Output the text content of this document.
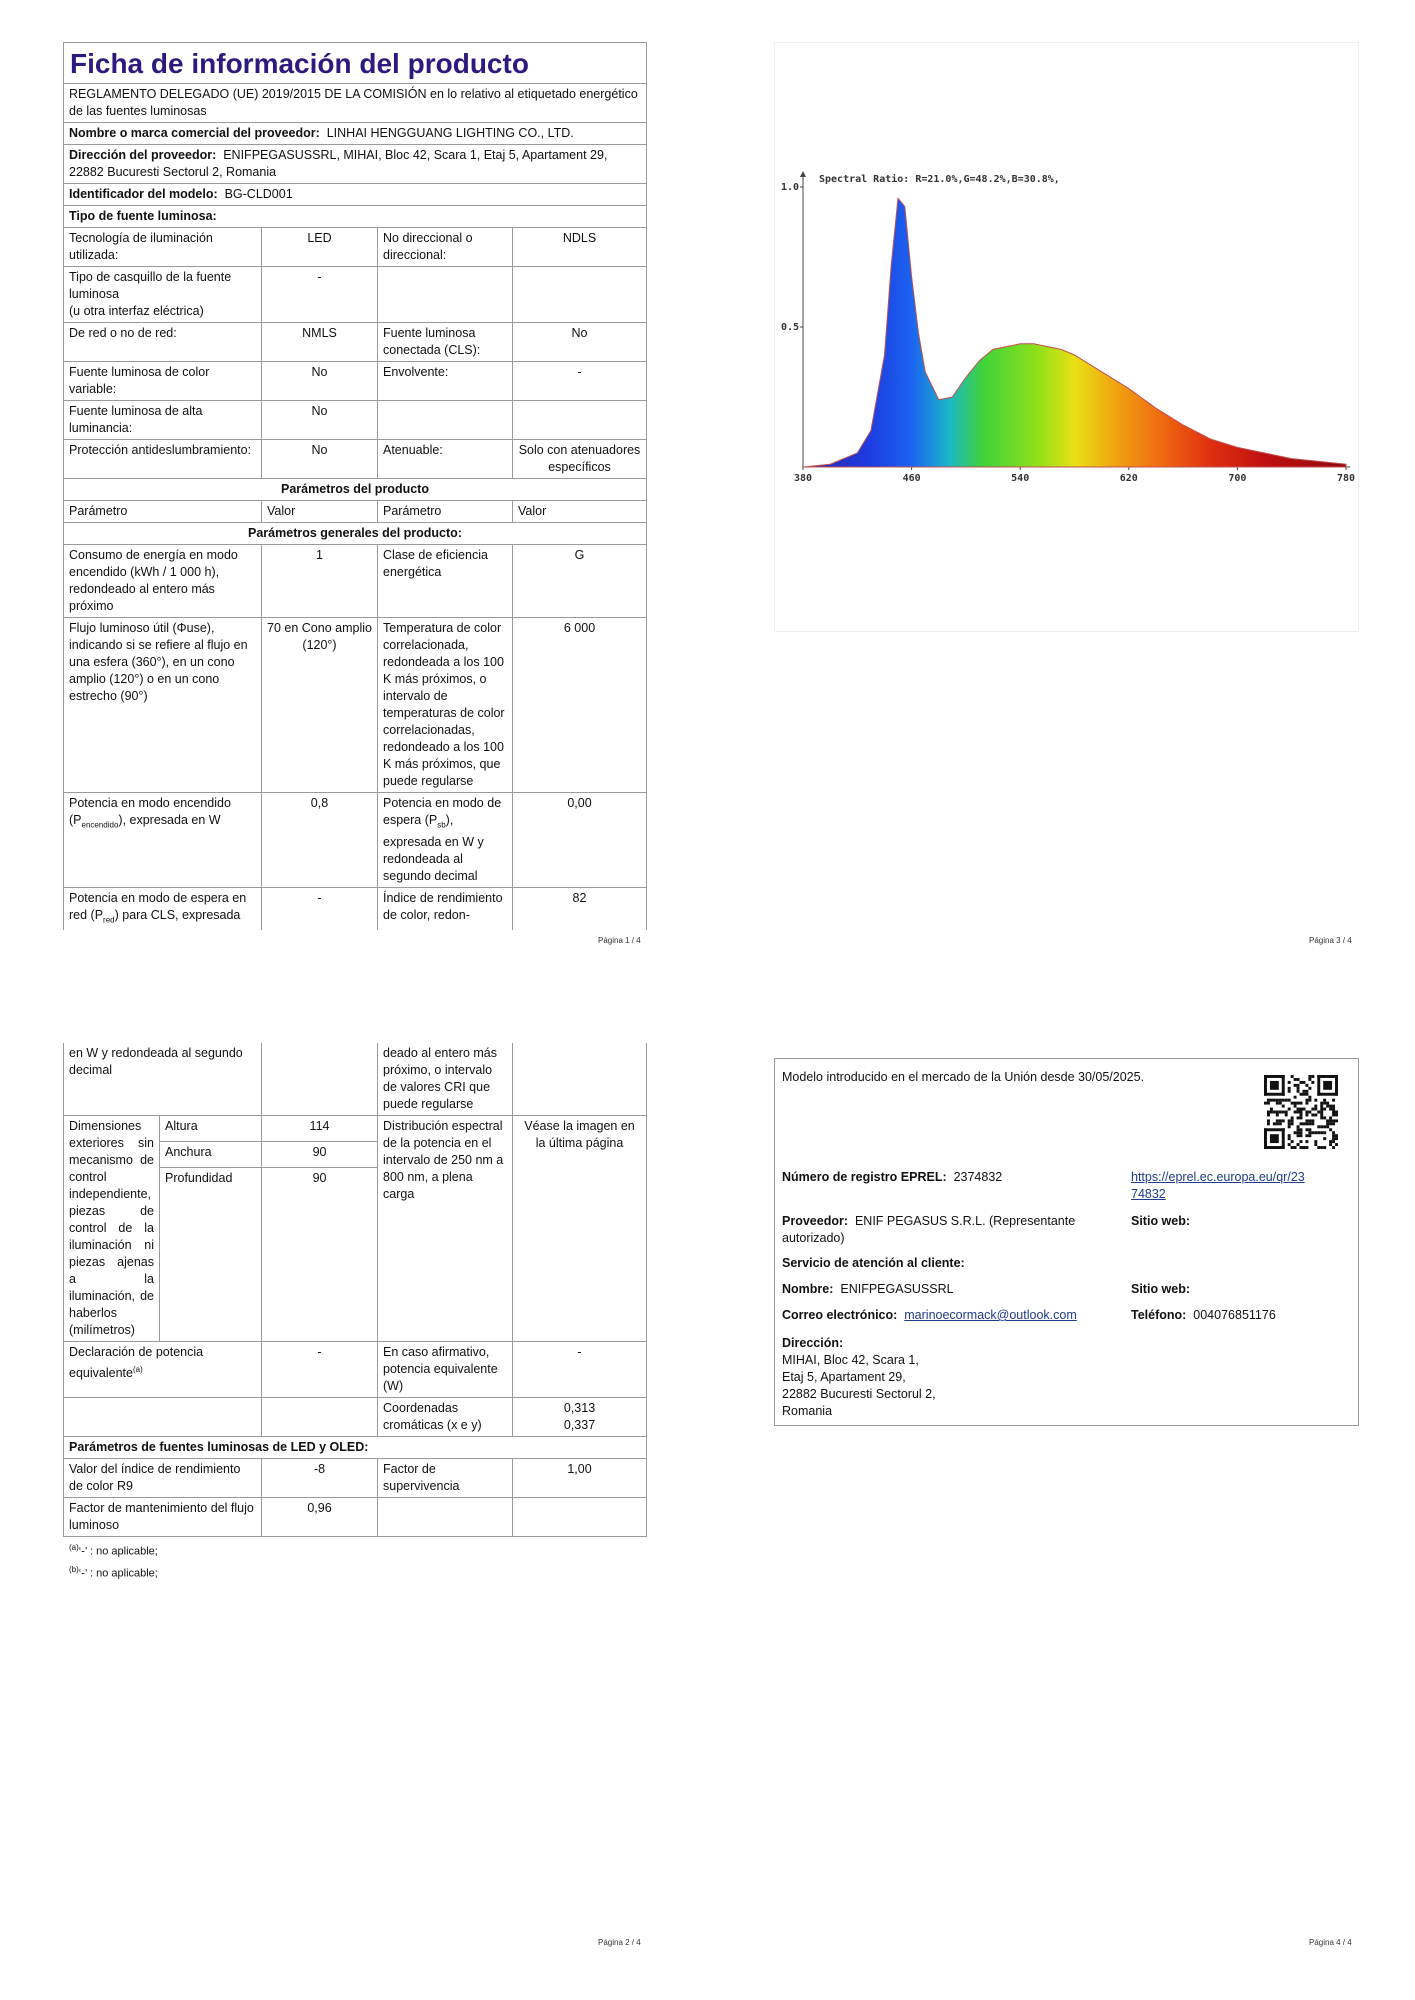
Ficha de información del producto			
REGLAMENTO DELEGADO (UE) 2019/2015 DE LA COMISIÓN en lo relativo al etiquetado energético de las fuentes luminosas			
Nombre o marca comercial del proveedor: LINHAI HENGGUANG LIGHTING CO., LTD.			
Dirección del proveedor: ENIFPEGASUSSRL, MIHAI, Bloc 42, Scara 1, Etaj 5, Apartament 29, 22882 Bucuresti Sectorul 2, Romania			
Identificador del modelo: BG-CLD001			
Tipo de fuente luminosa:			
Tecnología de iluminación utilizada:	LED	No direccional o direccional:	NDLS

Tipo de casquillo de la fuente luminosa
(u otra interfaz eléctrica)	-		
De red o no de red:	NMLS	Fuente luminosa conectada (CLS):	No
Fuente luminosa de color variable:	No	Envolvente:	-
Fuente luminosa de alta luminancia:	No		
Protección antideslumbramiento:	No	Atenuable:	Solo con atenuadores específicos
Parámetros del producto			
Parámetro	Valor	Parámetro	Valor
Parámetros generales del producto:			
Consumo de energía en modo encendido (kWh / 1 000 h), redondeado al entero más próximo	1	Clase de eficiencia energética	G
Flujo luminoso útil (Φuse), indicando si se refiere al flujo en una esfera (360°), en un cono amplio (120°) o en un cono estrecho (90°)	70 en Cono amplio (120°)	Temperatura de color correlacionada, redondeada a los 100 K más próximos, o intervalo de temperaturas de color correlacionadas, redondeado a los 100 K más próximos, que puede regularse	6 000
Potencia en modo encendido $(P_{encendido})$, expresada en W	0,8	Potencia en modo de espera $(P_{sb})$, expresada en W y redondeada al segundo decimal	0,00
Potencia en modo de espera en red $(P_{red})$ para CLS, expresada	-	Índice de rendimiento de color, redon-	82
Página 1 / 4
380	460	540	620	700	780
0.5
1.0
Spectral Ratio: R=21.0%,G=48.2%,B=30.8%,
Página 3 / 4
en W y redondeada al segundo decimal			deado al entero más próximo, o intervalo de valores CRI que puede regularse	
Dimensiones exteriores sin mecanismo de control independiente, piezas de control de la iluminación ni piezas ajenas a la iluminación, de haberlos (milímetros)	Altura	114	Distribución espectral de la potencia en el intervalo de 250 nm a 800 nm, a plena carga	Véase la imagen en la última página
	Anchura	90		
	Profundidad	90		

Declaración de potencia equivalente$^{(a)}$		-	En caso afirmativo, potencia equivalente (W)	-
			Coordenadas cromáticas (x e y)	0,313
0,337

Parámetros de fuentes luminosas de LED y OLED:				
Valor del índice de rendimiento de color R9		-8	Factor de supervivencia	1,00
Factor de mantenimiento del flujo luminoso		0,96		
$^{(a)}$‘-’ : no aplicable;
$^{(b)}$‘-’ : no aplicable;
Página 2 / 4
Modelo introducido en el mercado de la Unión desde 30/05/2025.
Número de registro EPREL: 2374832	https://eprel.ec.europa.eu/qr/23
74832
Proveedor: ENIF PEGASUS S.R.L. (Representante autorizado)
Sitio web:
Servicio de atención al cliente:
Nombre: ENIFPEGASUSSRL	Sitio web:
Correo electrónico: marinoecormack@outlook.com	Teléfono: 004076851176
Dirección:
MIHAI, Bloc 42, Scara 1,
Etaj 5, Apartament 29,
22882 Bucuresti Sectorul 2,
Romania
Página 4 / 4
